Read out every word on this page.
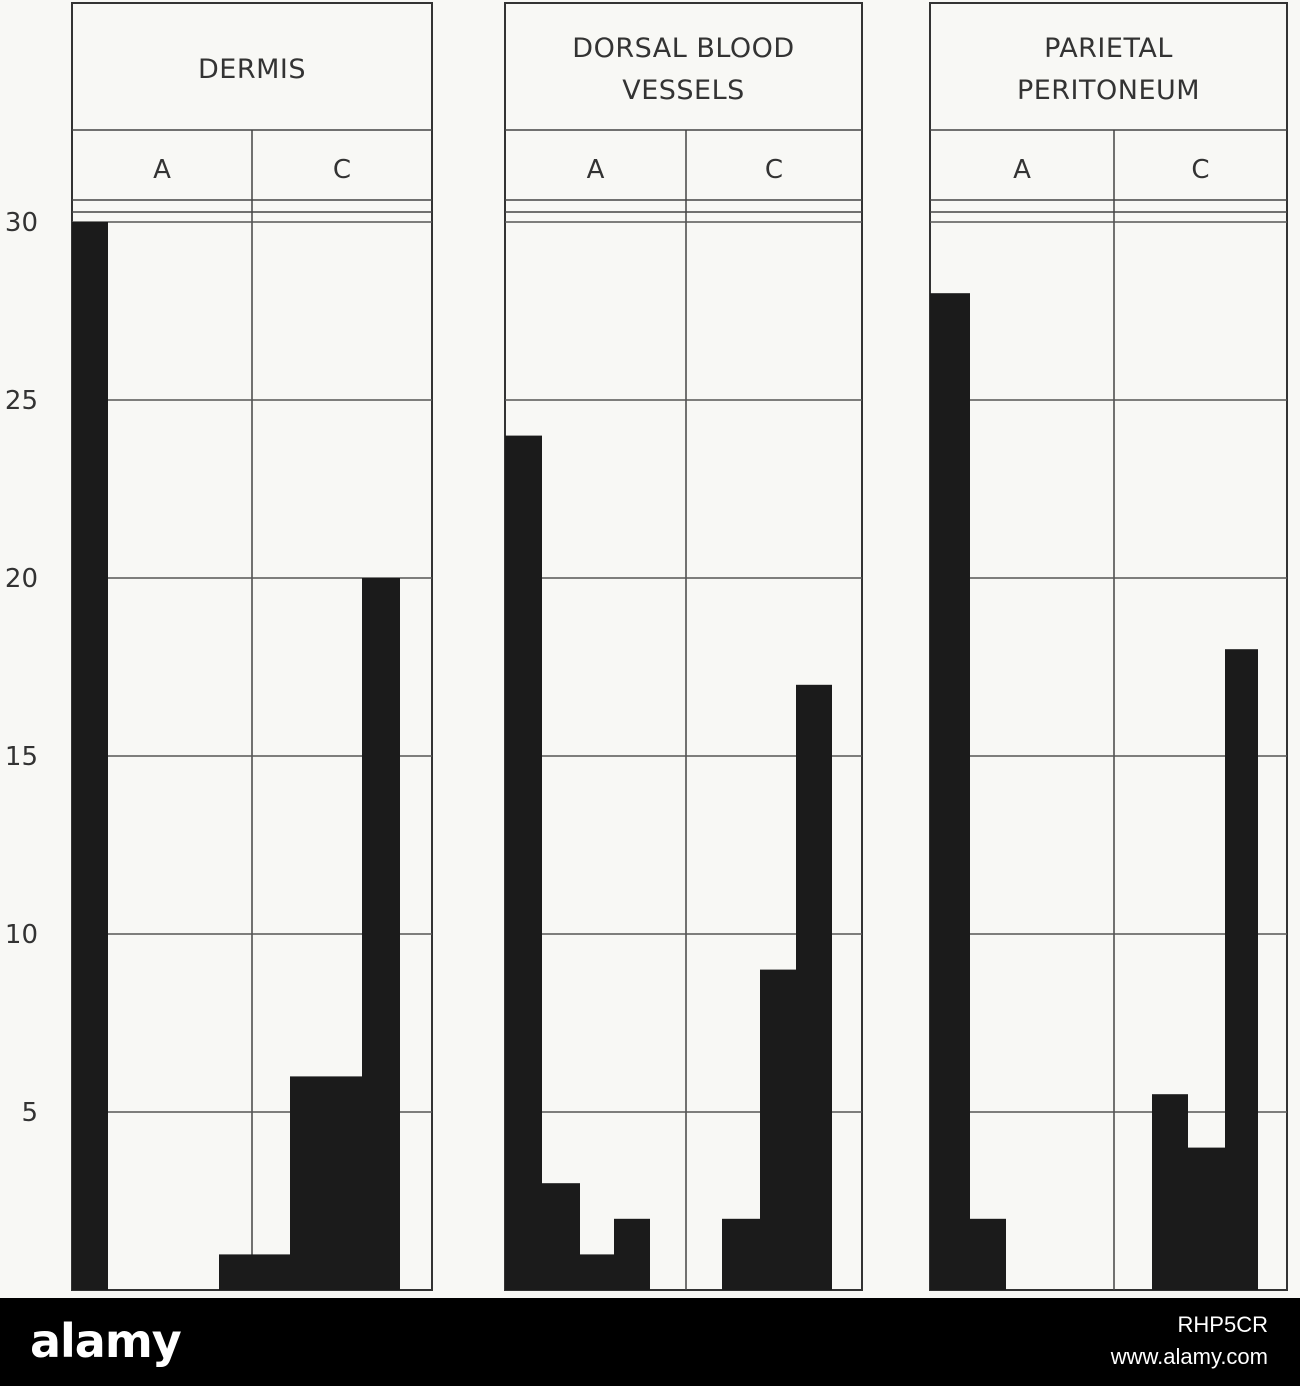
5
10
15
20
25
30
DERMIS
A	C
DORSAL BLOOD
VESSELS
A	C
PARIETAL
PERITONEUM
A	C
alamy	RHP5CR
www.alamy.com
